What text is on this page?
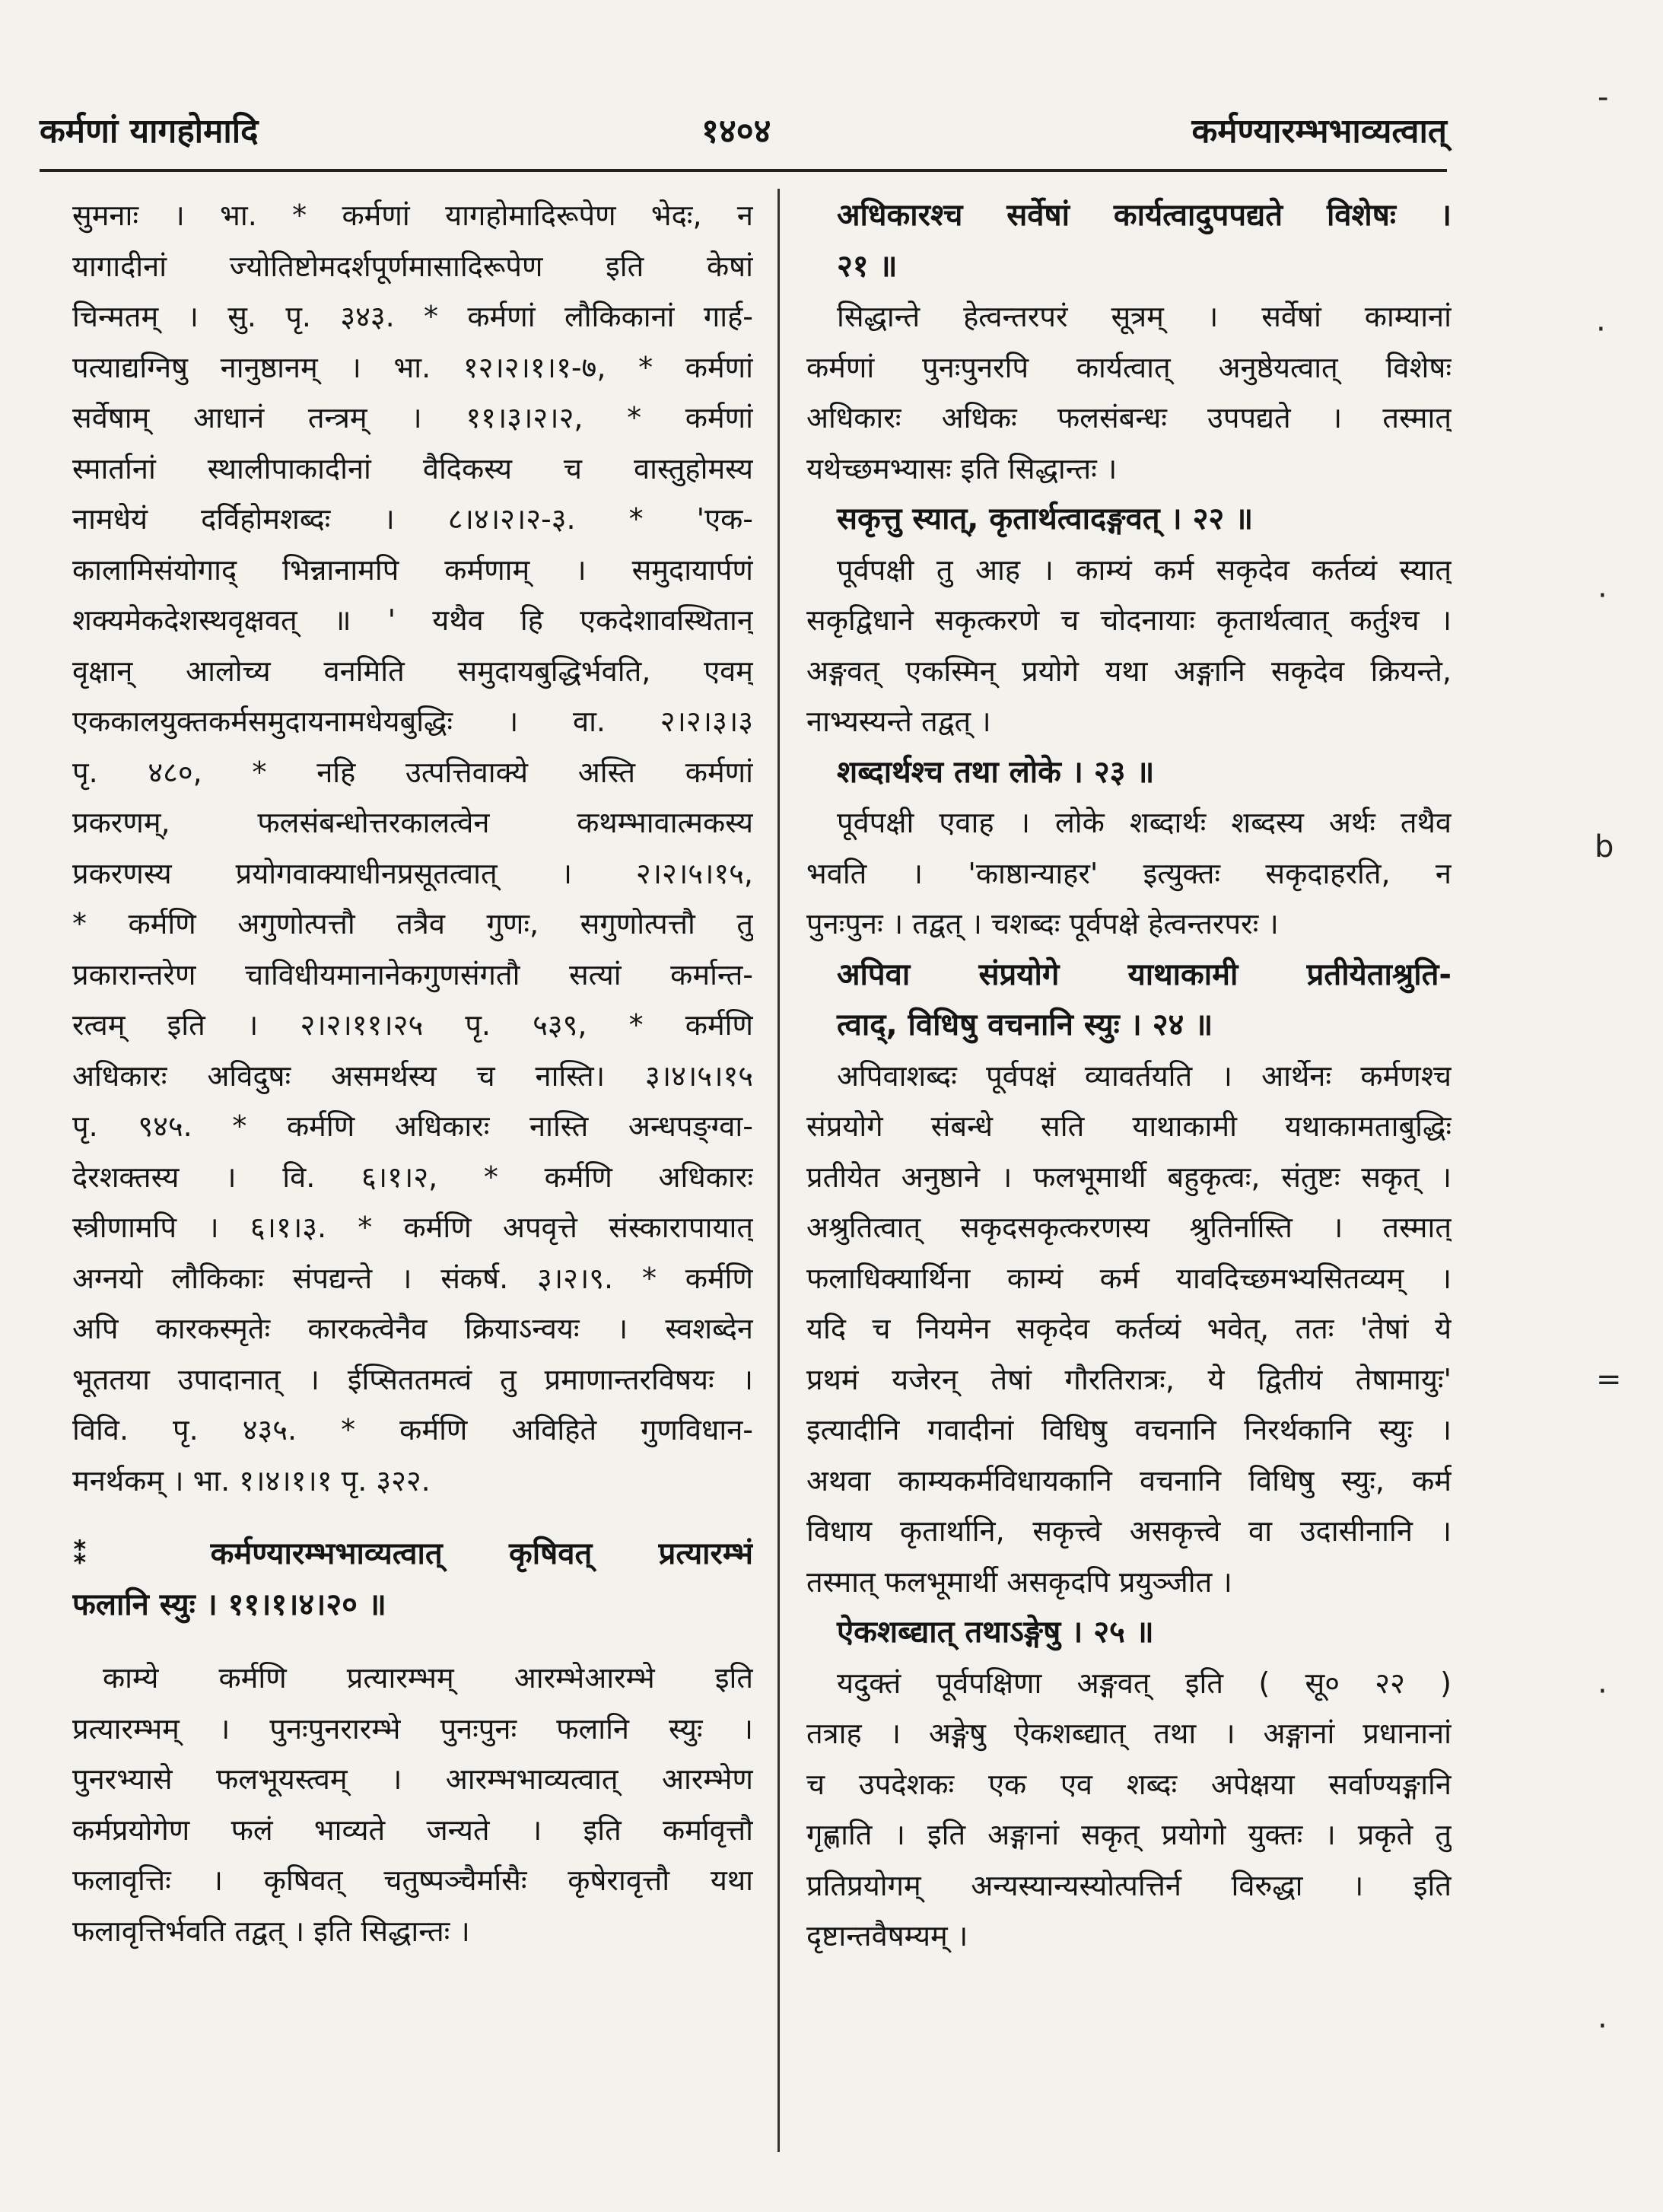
कर्मणां यागहोमादि	१४०४	कर्मण्यारम्भभाव्यत्वात्
सुमनाः । भा. * कर्मणां यागहोमादिरूपेण भेदः, न
यागादीनां ज्योतिष्टोमदर्शपूर्णमासादिरूपेण इति केषां
चिन्मतम् । सु. पृ. ३४३. * कर्मणां लौकिकानां गार्ह-
पत्याद्यग्निषु नानुष्ठानम् । भा. १२।२।१।१-७, * कर्मणां
सर्वेषाम् आधानं तन्त्रम् । ११।३।२।२, * कर्मणां
स्मार्तानां स्थालीपाकादीनां वैदिकस्य च वास्तुहोमस्य
नामधेयं दर्विहोमशब्दः । ८।४।२।२-३. * 'एक-
कालामिसंयोगाद् भिन्नानामपि कर्मणाम् । समुदायार्पणं
शक्यमेकदेशस्थवृक्षवत् ॥ ' यथैव हि एकदेशावस्थितान्
वृक्षान् आलोच्य वनमिति समुदायबुद्धिर्भवति, एवम्
एककालयुक्तकर्मसमुदायनामधेयबुद्धिः । वा. २।२।३।३
पृ. ४८०, * नहि उत्पत्तिवाक्ये अस्ति कर्मणां
प्रकरणम्, फलसंबन्धोत्तरकालत्वेन कथम्भावात्मकस्य
प्रकरणस्य प्रयोगवाक्याधीनप्रसूतत्वात् । २।२।५।१५,
* कर्मणि अगुणोत्पत्तौ तत्रैव गुणः, सगुणोत्पत्तौ तु
प्रकारान्तरेण चाविधीयमानानेकगुणसंगतौ सत्यां कर्मान्त-
रत्वम् इति । २।२।११।२५ पृ. ५३९, * कर्मणि
अधिकारः अविदुषः असमर्थस्य च नास्ति। ३।४।५।१५
पृ. ९४५. * कर्मणि अधिकारः नास्ति अन्धपङ्ग्वा-
देरशक्तस्य । वि. ६।१।२, * कर्मणि अधिकारः
स्त्रीणामपि । ६।१।३. * कर्मणि अपवृत्ते संस्कारापायात्
अग्नयो लौकिकाः संपद्यन्ते । संकर्ष. ३।२।९. * कर्मणि
अपि कारकस्मृतेः कारकत्वेनैव क्रियाऽन्वयः । स्वशब्देन
भूततया उपादानात् । ईप्सिततमत्वं तु प्रमाणान्तरविषयः ।
विवि. पृ. ४३५. * कर्मणि अविहिते गुणविधान-
मनर्थकम् । भा. १।४।१।१ पृ. ३२२.
⁑ कर्मण्यारम्भभाव्यत्वात् कृषिवत् प्रत्यारम्भं
फलानि स्युः । ११।१।४।२० ॥
काम्ये कर्मणि प्रत्यारम्भम् आरम्भेआरम्भे इति
प्रत्यारम्भम् । पुनःपुनरारम्भे पुनःपुनः फलानि स्युः ।
पुनरभ्यासे फलभूयस्त्वम् । आरम्भभाव्यत्वात् आरम्भेण
कर्मप्रयोगेण फलं भाव्यते जन्यते । इति कर्मावृत्तौ
फलावृत्तिः । कृषिवत् चतुष्पञ्चैर्मासैः कृषेरावृत्तौ यथा
फलावृत्तिर्भवति तद्वत् । इति सिद्धान्तः ।
अधिकारश्च सर्वेषां कार्यत्वादुपपद्यते विशेषः ।
२१ ॥
सिद्धान्ते हेत्वन्तरपरं सूत्रम् । सर्वेषां काम्यानां
कर्मणां पुनःपुनरपि कार्यत्वात् अनुष्ठेयत्वात् विशेषः
अधिकारः अधिकः फलसंबन्धः उपपद्यते । तस्मात्
यथेच्छमभ्यासः इति सिद्धान्तः ।
सकृत्तु स्यात्, कृतार्थत्वादङ्गवत् । २२ ॥
पूर्वपक्षी तु आह । काम्यं कर्म सकृदेव कर्तव्यं स्यात्
सकृद्विधाने सकृत्करणे च चोदनायाः कृतार्थत्वात् कर्तुश्च ।
अङ्गवत् एकस्मिन् प्रयोगे यथा अङ्गानि सकृदेव क्रियन्ते,
नाभ्यस्यन्ते तद्वत् ।
शब्दार्थश्च तथा लोके । २३ ॥
पूर्वपक्षी एवाह । लोके शब्दार्थः शब्दस्य अर्थः तथैव
भवति । 'काष्ठान्याहर' इत्युक्तः सकृदाहरति, न
पुनःपुनः । तद्वत् । चशब्दः पूर्वपक्षे हेत्वन्तरपरः ।
अपिवा संप्रयोगे याथाकामी प्रतीयेताश्रुति-
त्वाद्, विधिषु वचनानि स्युः । २४ ॥
अपिवाशब्दः पूर्वपक्षं व्यावर्तयति । आर्थेनः कर्मणश्च
संप्रयोगे संबन्धे सति याथाकामी यथाकामताबुद्धिः
प्रतीयेत अनुष्ठाने । फलभूमार्थी बहुकृत्वः, संतुष्टः सकृत् ।
अश्रुतित्वात् सकृदसकृत्करणस्य श्रुतिर्नास्ति । तस्मात्
फलाधिक्यार्थिना काम्यं कर्म यावदिच्छमभ्यसितव्यम् ।
यदि च नियमेन सकृदेव कर्तव्यं भवेत्, ततः 'तेषां ये
प्रथमं यजेरन् तेषां गौरतिरात्रः, ये द्वितीयं तेषामायुः'
इत्यादीनि गवादीनां विधिषु वचनानि निरर्थकानि स्युः ।
अथवा काम्यकर्मविधायकानि वचनानि विधिषु स्युः, कर्म
विधाय कृतार्थानि, सकृत्त्वे असकृत्त्वे वा उदासीनानि ।
तस्मात् फलभूमार्थी असकृदपि प्रयुञ्जीत ।
ऐकशब्द्यात् तथाऽङ्गेषु । २५ ॥
यदुक्तं पूर्वपक्षिणा अङ्गवत् इति ( सू० २२ )
तत्राह । अङ्गेषु ऐकशब्द्यात् तथा । अङ्गानां प्रधानानां
च उपदेशकः एक एव शब्दः अपेक्षया सर्वाण्यङ्गानि
गृह्णाति । इति अङ्गानां सकृत् प्रयोगो युक्तः । प्रकृते तु
प्रतिप्रयोगम् अन्यस्यान्यस्योत्पत्तिर्न विरुद्धा । इति
दृष्टान्तवैषम्यम् ।
-
·
·
b
=
·
·
